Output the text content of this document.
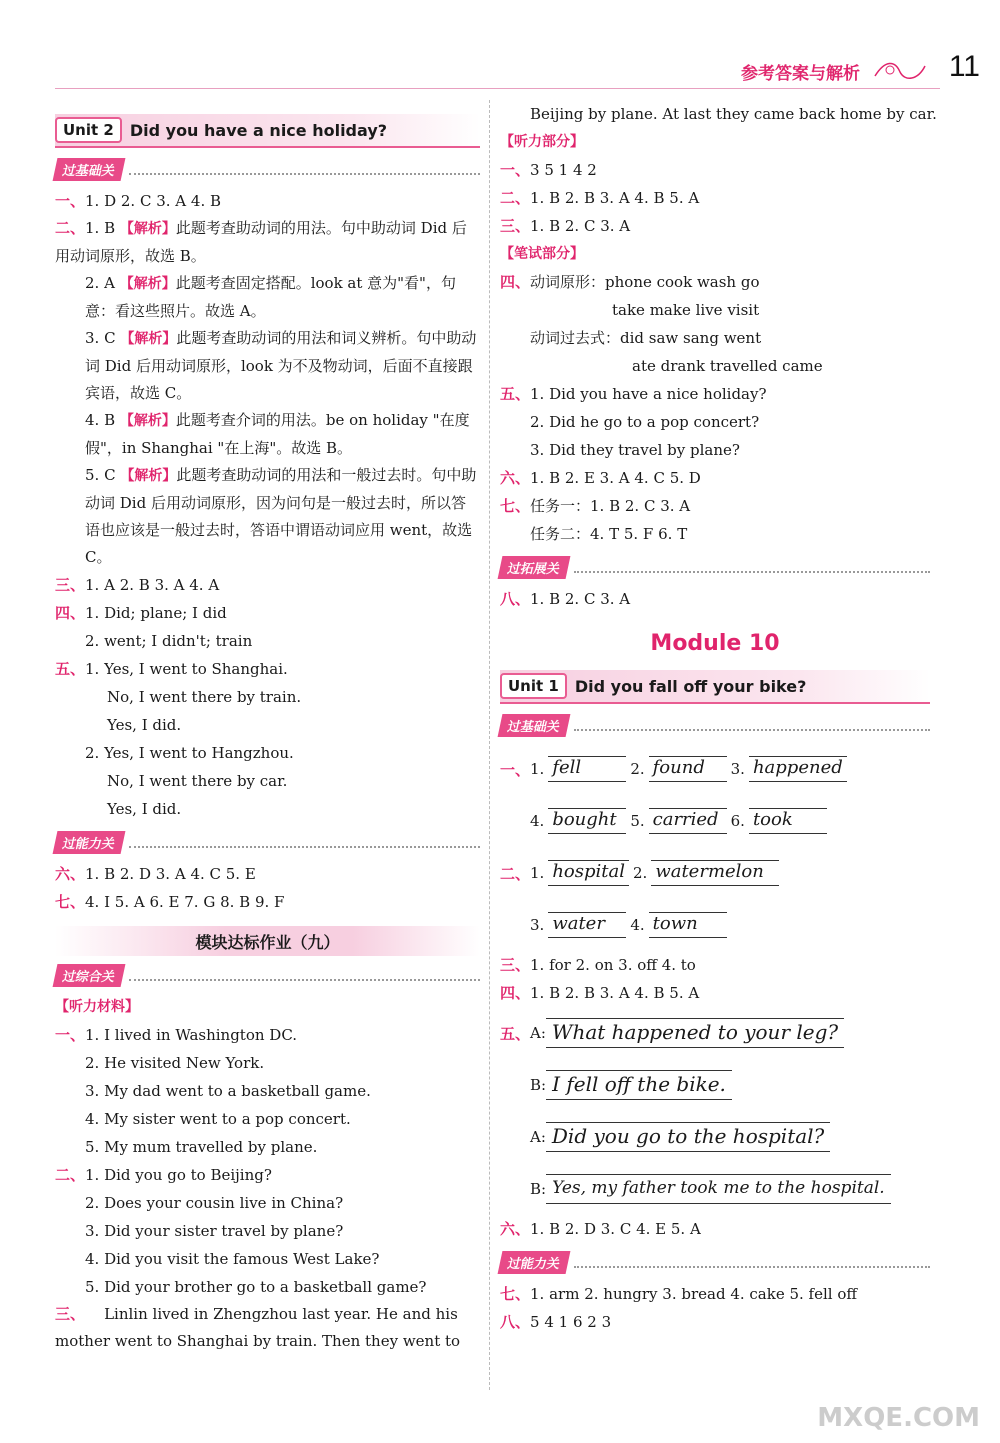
参考答案与解析	11
Unit 2	Did you have a nice holiday?
过基础关
一、1. D 2. C 3. A 4. B
二、1. B 【解析】此题考查助动词的用法。句中助动词 Did 后用动词原形，故选 B。
2. A 【解析】此题考查固定搭配。look at 意为"看"，句意：看这些照片。故选 A。
3. C 【解析】此题考查助动词的用法和词义辨析。句中助动词 Did 后用动词原形，look 为不及物动词，后面不直接跟宾语，故选 C。
4. B 【解析】此题考查介词的用法。be on holiday "在度假"，in Shanghai "在上海"。故选 B。
5. C 【解析】此题考查助动词的用法和一般过去时。句中助动词 Did 后用动词原形，因为问句是一般过去时，所以答语也应该是一般过去时，答语中谓语动词应用 went，故选 C。
三、1. A 2. B 3. A 4. A
四、1. Did; plane; I did
2. went; I didn't; train
五、1. Yes, I went to Shanghai.
No, I went there by train.
Yes, I did.
2. Yes, I went to Hangzhou.
No, I went there by car.
Yes, I did.
过能力关
六、1. B 2. D 3. A 4. C 5. E
七、4. I 5. A 6. E 7. G 8. B 9. F
模块达标作业（九）
过综合关
【听力材料】
一、1. I lived in Washington DC.
2. He visited New York.
3. My dad went to a basketball game.
4. My sister went to a pop concert.
5. My mum travelled by plane.
二、1. Did you go to Beijing?
2. Does your cousin live in China?
3. Did your sister travel by plane?
4. Did you visit the famous West Lake?
5. Did your brother go to a basketball game?
三、 Linlin lived in Zhengzhou last year. He and his mother went to Shanghai by train. Then they went to
Beijing by plane. At last they came back home by car.
【听力部分】
一、3 5 1 4 2
二、1. B 2. B 3. A 4. B 5. A
三、1. B 2. C 3. A
【笔试部分】
四、动词原形：phone cook wash go
take make live visit
动词过去式：did saw sang went
ate drank travelled came
五、1. Did you have a nice holiday?
2. Did he go to a pop concert?
3. Did they travel by plane?
六、1. B 2. E 3. A 4. C 5. D
七、任务一：1. B 2. C 3. A
任务二：4. T 5. F 6. T
过拓展关
八、1. B 2. C 3. A
Module 10
Unit 1	Did you fall off your bike?
过基础关
一、 1. fell	2. found	3. happened
4. bought 5. carried 6. took
二、 1. hospital 2. watermelon
3. water	4. town
三、1. for 2. on 3. off 4. to
四、1. B 2. B 3. A 4. B 5. A
五、 A: What happened to your leg?
B: I fell off the bike.
A: Did you go to the hospital?
B: Yes, my father took me to the hospital.
六、1. B 2. D 3. C 4. E 5. A
过能力关
七、1. arm 2. hungry 3. bread 4. cake 5. fell off
八、5 4 1 6 2 3
MXQE.COM
